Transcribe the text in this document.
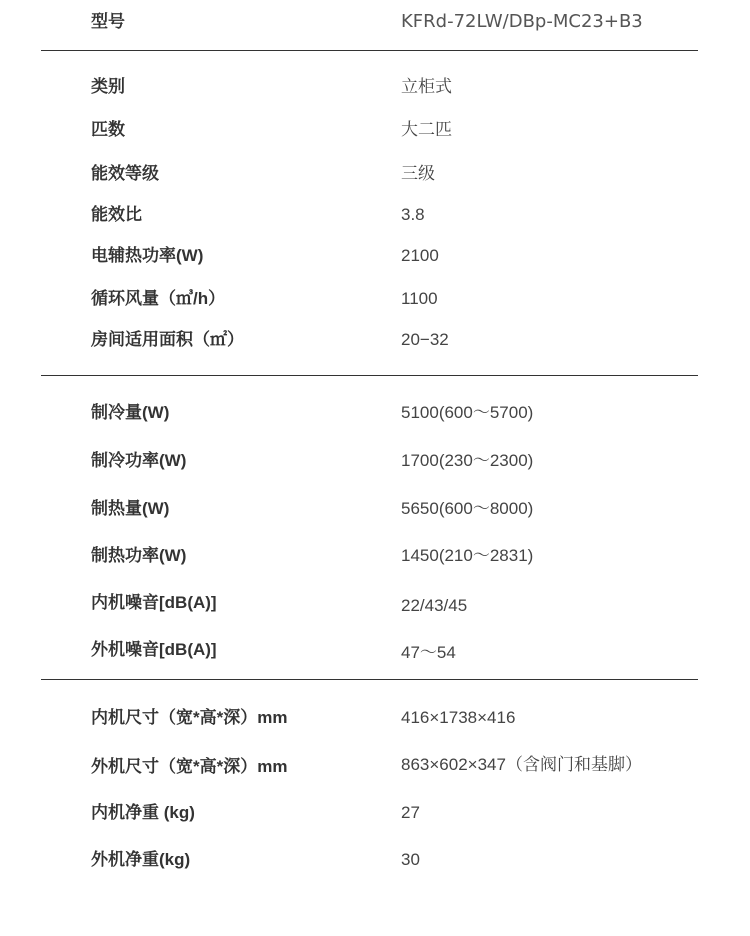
型号	KFRd-72LW/DBp-MC23+B3
类别	立柜式
匹数	大二匹
能效等级	三级
能效比	3.8
电辅热功率(W)	2100
循环风量（㎥/h）	1100
房间适用面积（㎡）	20−32
制冷量(W)	5100(600～5700)
制冷功率(W)	1700(230～2300)
制热量(W)	5650(600～8000)
制热功率(W)	1450(210～2831)
内机噪音[dB(A)]	22/43/45
外机噪音[dB(A)]	47～54
内机尺寸（宽*高*深）mm	416×1738×416
外机尺寸（宽*高*深）mm	863×602×347（含阀门和基脚）
内机净重 (kg)	27
外机净重(kg)	30
